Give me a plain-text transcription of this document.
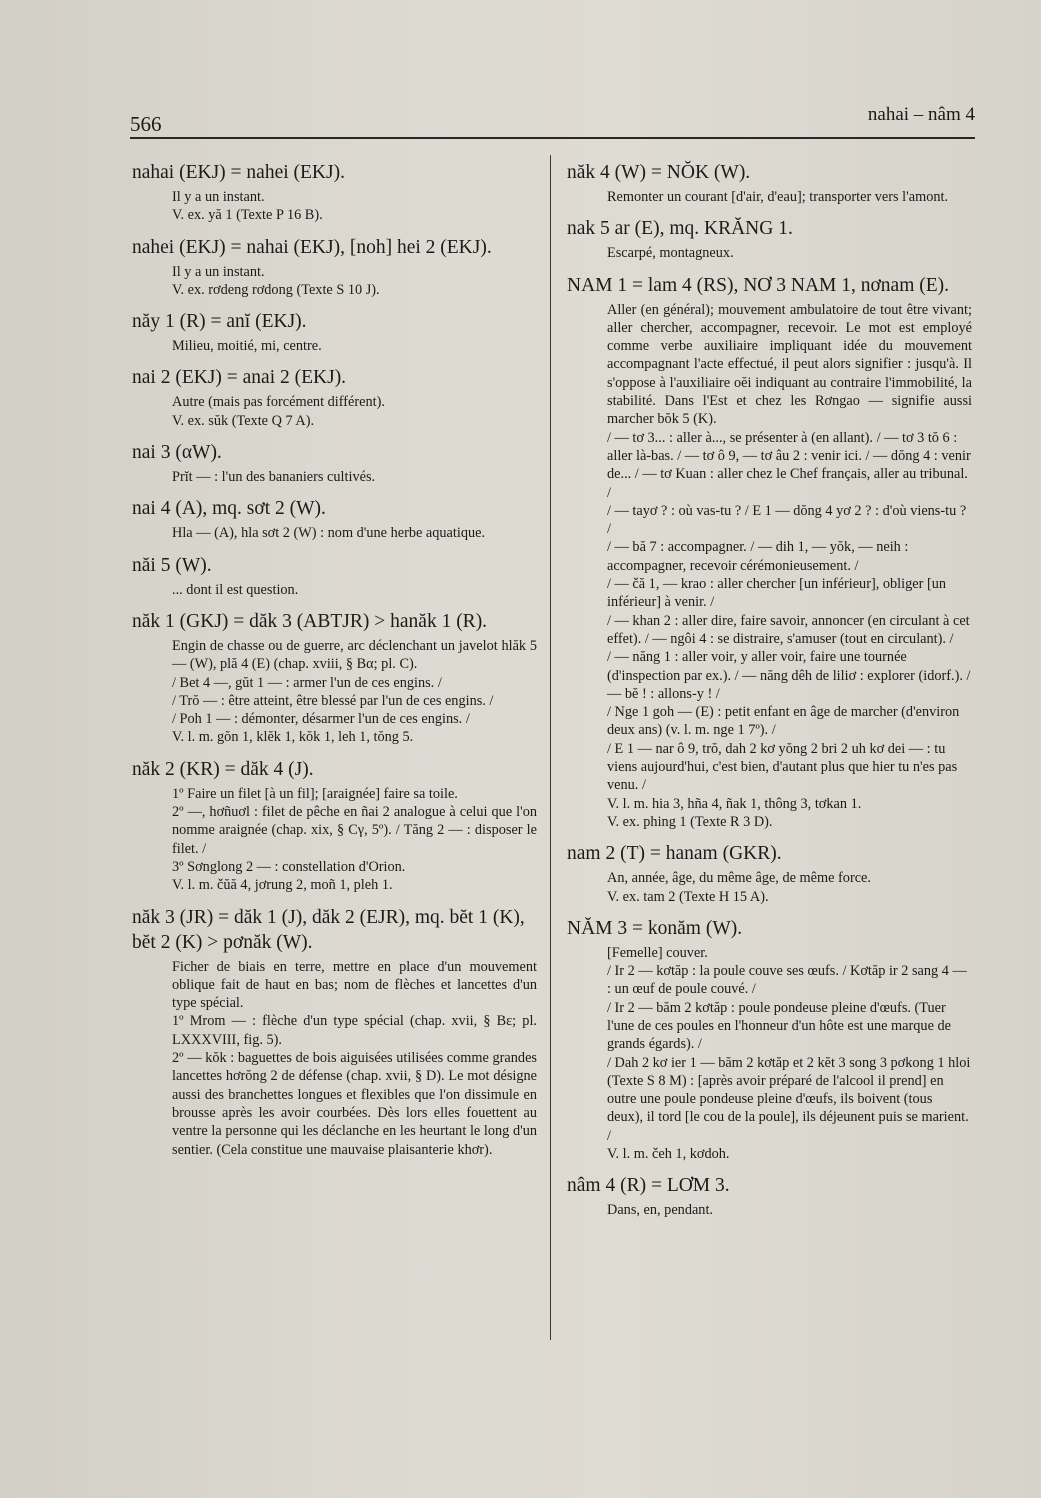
566	nahai – nâm 4
nahai (EKJ) = nahei (EKJ).
Il y a un instant.
V. ex. yă 1 (Texte P 16 B).
nahei (EKJ) = nahai (EKJ), [noh] hei 2 (EKJ).
Il y a un instant.
V. ex. rơdeng rơdong (Texte S 10 J).
năy 1 (R) = anĭ (EKJ).
Milieu, moitié, mi, centre.
nai 2 (EKJ) = anai 2 (EKJ).
Autre (mais pas forcément différent).
V. ex. sŭk (Texte Q 7 A).
nai 3 (αW).
Prĭt — : l'un des bananiers cultivés.
nai 4 (A), mq. sơt 2 (W).
Hla — (A), hla sơt 2 (W) : nom d'une herbe aquatique.
năi 5 (W).
... dont il est question.
năk 1 (GKJ) = dăk 3 (ABTJR) > hanăk 1 (R).
Engin de chasse ou de guerre, arc déclenchant un javelot hlăk 5 — (W), plă 4 (E) (chap. xviii, § Bα; pl. C).
/ Bet 4 —, gŭt 1 — : armer l'un de ces engins. /
/ Trŏ — : être atteint, être blessé par l'un de ces engins. /
/ Poh 1 — : démonter, désarmer l'un de ces engins. /
V. l. m. gŏn 1, klĕk 1, kŏk 1, leh 1, tŏng 5.
năk 2 (KR) = dăk 4 (J).
1º Faire un filet [à un fil]; [araignée] faire sa toile.
2º —, hơñuơl : filet de pêche en ñai 2 analogue à celui que l'on nomme araignée (chap. xix, § Cγ, 5º). / Tăng 2 — : disposer le filet. /
3º Sơnglong 2 — : constellation d'Orion.
V. l. m. čŭă 4, jơrung 2, moñ 1, pleh 1.
năk 3 (JR) = dăk 1 (J), dăk 2 (EJR), mq. bĕt 1 (K), bĕt 2 (K) > pơnăk (W).
Ficher de biais en terre, mettre en place d'un mouvement oblique fait de haut en bas; nom de flèches et lancettes d'un type spécial.
1º Mrom — : flèche d'un type spécial (chap. xvii, § Bε; pl. LXXXVIII, fig. 5).
2º — kŏk : baguettes de bois aiguisées utilisées comme grandes lancettes hơrŏng 2 de défense (chap. xvii, § D). Le mot désigne aussi des branchettes longues et flexibles que l'on dissimule en brousse après les avoir courbées. Dès lors elles fouettent au ventre la personne qui les déclanche en les heurtant le long d'un sentier. (Cela constitue une mauvaise plaisanterie khơr).
năk 4 (W) = NŎK (W).
Remonter un courant [d'air, d'eau]; transporter vers l'amont.
nak 5 ar (E), mq. KRĂNG 1.
Escarpé, montagneux.
NAM 1 = lam 4 (RS), NƠ 3 NAM 1, nơnam (E).
Aller (en général); mouvement ambulatoire de tout être vivant; aller chercher, accompagner, recevoir. Le mot est employé comme verbe auxiliaire impliquant idée du mouvement accompagnant l'acte effectué, il peut alors signifier : jusqu'à. Il s'oppose à l'auxiliaire oĕi indiquant au contraire l'immobilité, la stabilité. Dans l'Est et chez les Rơngao — signifie aussi marcher bŏk 5 (K).
/ — tơ 3... : aller à..., se présenter à (en allant). / — tơ 3 tŏ 6 : aller là-bas. / — tơ ô 9, — tơ âu 2 : venir ici. / — dŏng 4 : venir de... / — tơ Kuan : aller chez le Chef français, aller au tribunal. /
/ — tayơ ? : où vas-tu ? / E 1 — dŏng 4 yơ 2 ? : d'où viens-tu ? /
/ — bă 7 : accompagner. / — dih 1, — yŏk, — neih : accompagner, recevoir cérémonieusement. /
/ — čă 1, — krao : aller chercher [un inférieur], obliger [un inférieur] à venir. /
/ — khan 2 : aller dire, faire savoir, annoncer (en circulant à cet effet). / — ngôi 4 : se distraire, s'amuser (tout en circulant). /
/ — năng 1 : aller voir, y aller voir, faire une tournée (d'inspection par ex.). / — năng dêh de liliơ : explorer (idorf.). / — bĕ ! : allons-y ! /
/ Nge 1 goh — (E) : petit enfant en âge de marcher (d'environ deux ans) (v. l. m. nge 1 7º). /
/ E 1 — nar ô 9, trŏ, dah 2 kơ yŏng 2 bri 2 uh kơ dei — : tu viens aujourd'hui, c'est bien, d'autant plus que hier tu n'es pas venu. /
V. l. m. hia 3, hña 4, ñak 1, thông 3, tơkan 1.
V. ex. phing 1 (Texte R 3 D).
nam 2 (T) = hanam (GKR).
An, année, âge, du même âge, de même force.
V. ex. tam 2 (Texte H 15 A).
NĂM 3 = konăm (W).
[Femelle] couver.
/ Ir 2 — kơtăp : la poule couve ses œufs. / Kơtăp ir 2 sang 4 — : un œuf de poule couvé. /
/ Ir 2 — băm 2 kơtăp : poule pondeuse pleine d'œufs. (Tuer l'une de ces poules en l'honneur d'un hôte est une marque de grands égards). /
/ Dah 2 kơ ier 1 — băm 2 kơtăp et 2 kĕt 3 song 3 pơkong 1 hloi (Texte S 8 M) : [après avoir préparé de l'alcool il prend] en outre une poule pondeuse pleine d'œufs, ils boivent (tous deux), il tord [le cou de la poule], ils déjeunent puis se marient. /
V. l. m. čeh 1, kơdoh.
nâm 4 (R) = LƠM 3.
Dans, en, pendant.
